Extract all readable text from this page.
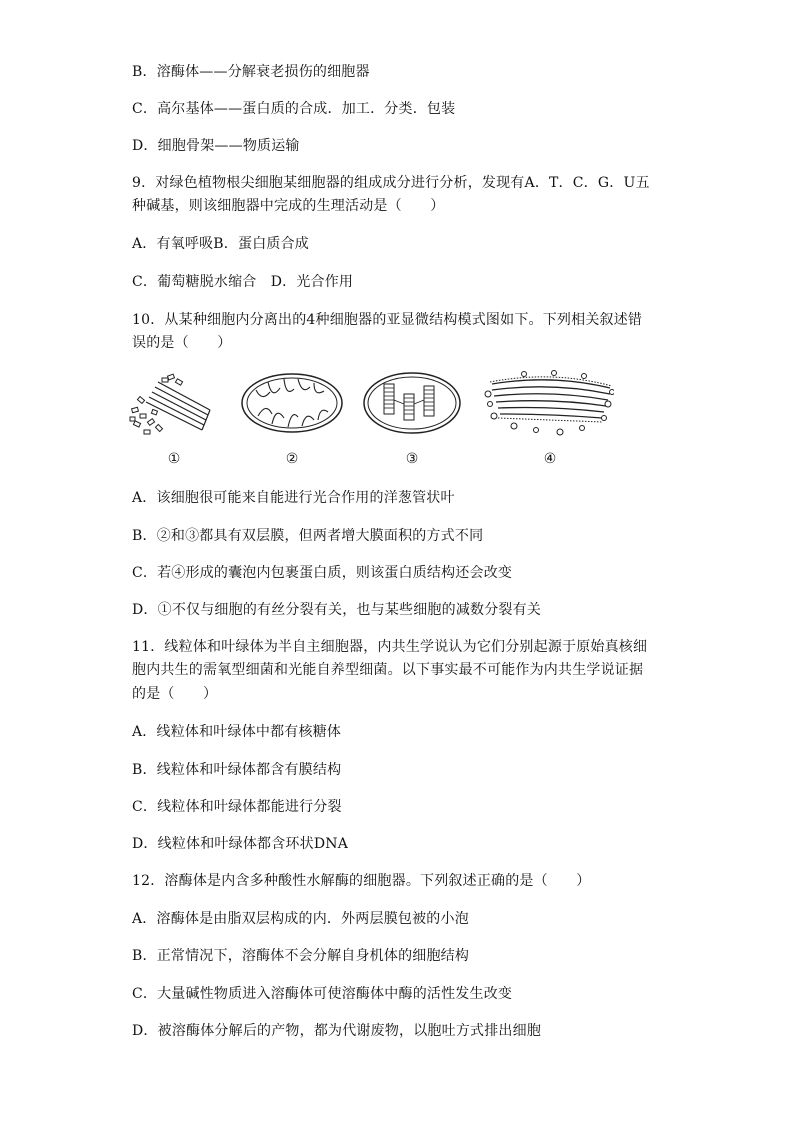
B．溶酶体——分解衰老损伤的细胞器
C．高尔基体——蛋白质的合成．加工．分类．包装
D．细胞骨架——物质运输
9．对绿色植物根尖细胞某细胞器的组成成分进行分析，发现有A．T．C．G．U五
种碱基，则该细胞器中完成的生理活动是（　　）
A．有氧呼吸B．蛋白质合成
C．葡萄糖脱水缩合　D．光合作用
10．从某种细胞内分离出的4种细胞器的亚显微结构模式图如下。下列相关叙述错
误的是（　　）
①	②	③	④
A．该细胞很可能来自能进行光合作用的洋葱管状叶
B．②和③都具有双层膜，但两者增大膜面积的方式不同
C．若④形成的囊泡内包裹蛋白质，则该蛋白质结构还会改变
D．①不仅与细胞的有丝分裂有关，也与某些细胞的减数分裂有关
11．线粒体和叶绿体为半自主细胞器，内共生学说认为它们分别起源于原始真核细
胞内共生的需氧型细菌和光能自养型细菌。以下事实最不可能作为内共生学说证据
的是（　　）
A．线粒体和叶绿体中都有核糖体
B．线粒体和叶绿体都含有膜结构
C．线粒体和叶绿体都能进行分裂
D．线粒体和叶绿体都含环状DNA
12．溶酶体是内含多种酸性水解酶的细胞器。下列叙述正确的是（　　）
A．溶酶体是由脂双层构成的内．外两层膜包被的小泡
B．正常情况下，溶酶体不会分解自身机体的细胞结构
C．大量碱性物质进入溶酶体可使溶酶体中酶的活性发生改变
D．被溶酶体分解后的产物，都为代谢废物，以胞吐方式排出细胞
